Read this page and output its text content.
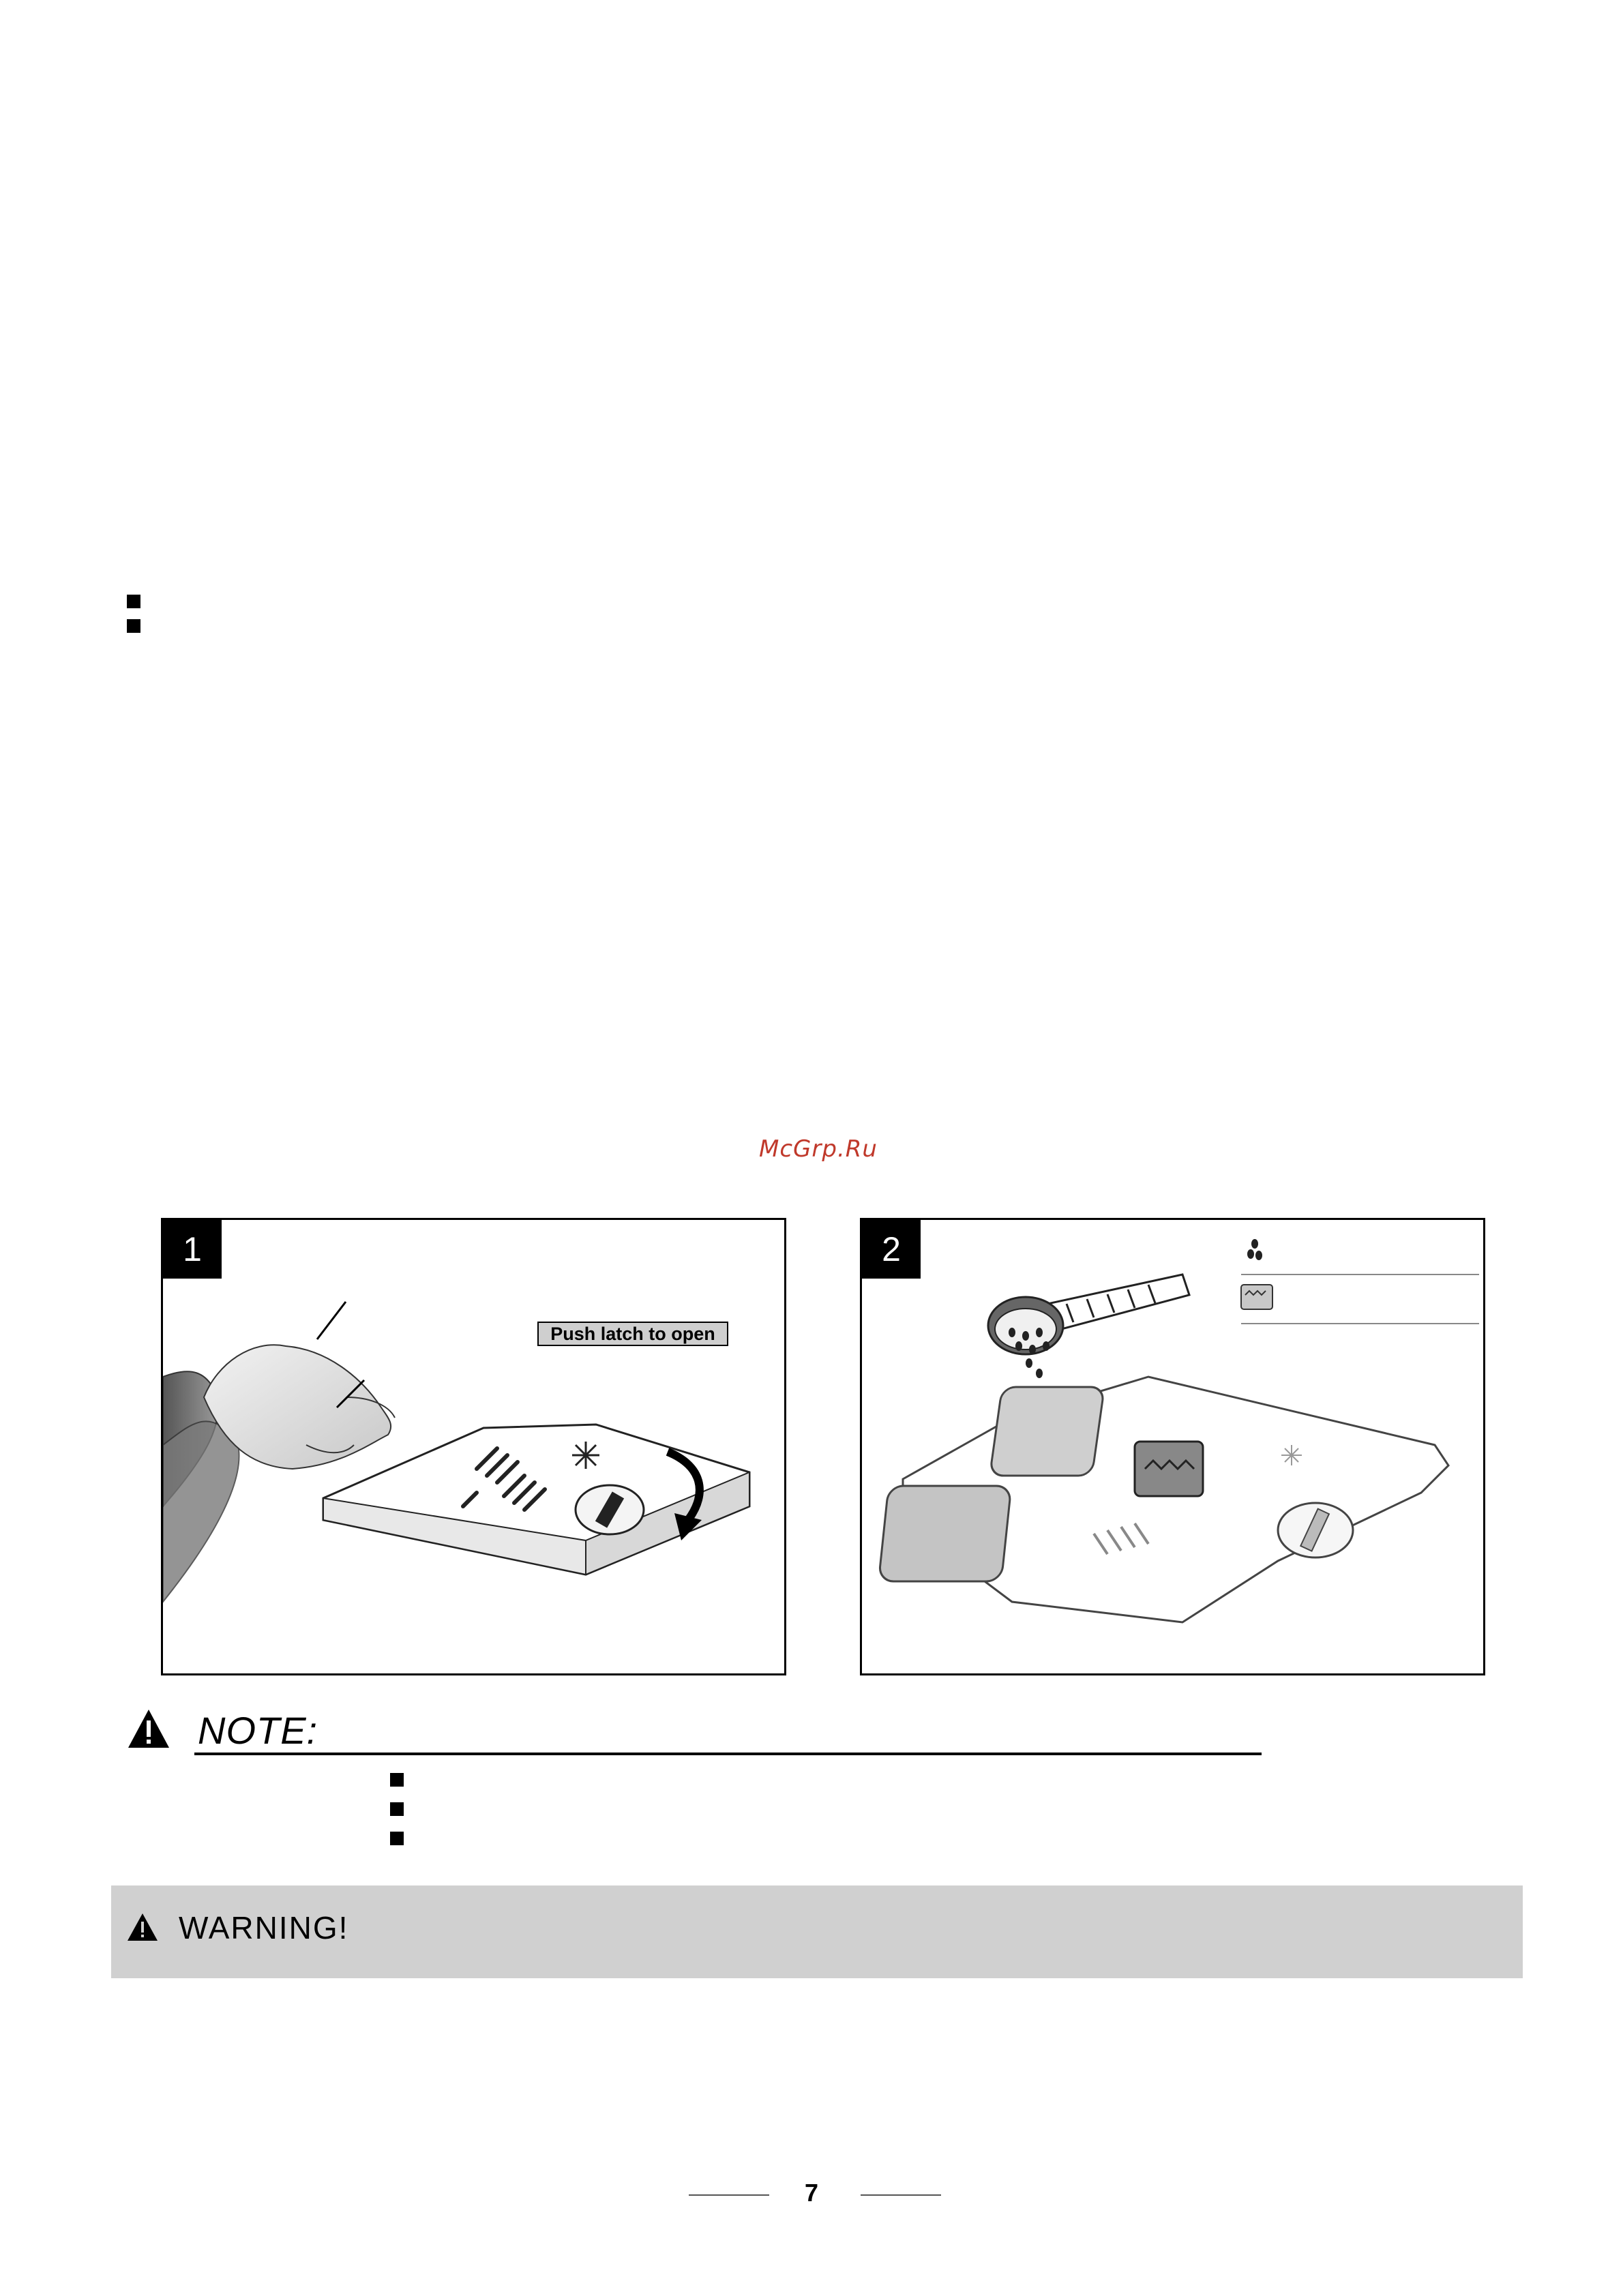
McGrp.Ru
1
Push latch to open
2
NOTE:
WARNING!
7
